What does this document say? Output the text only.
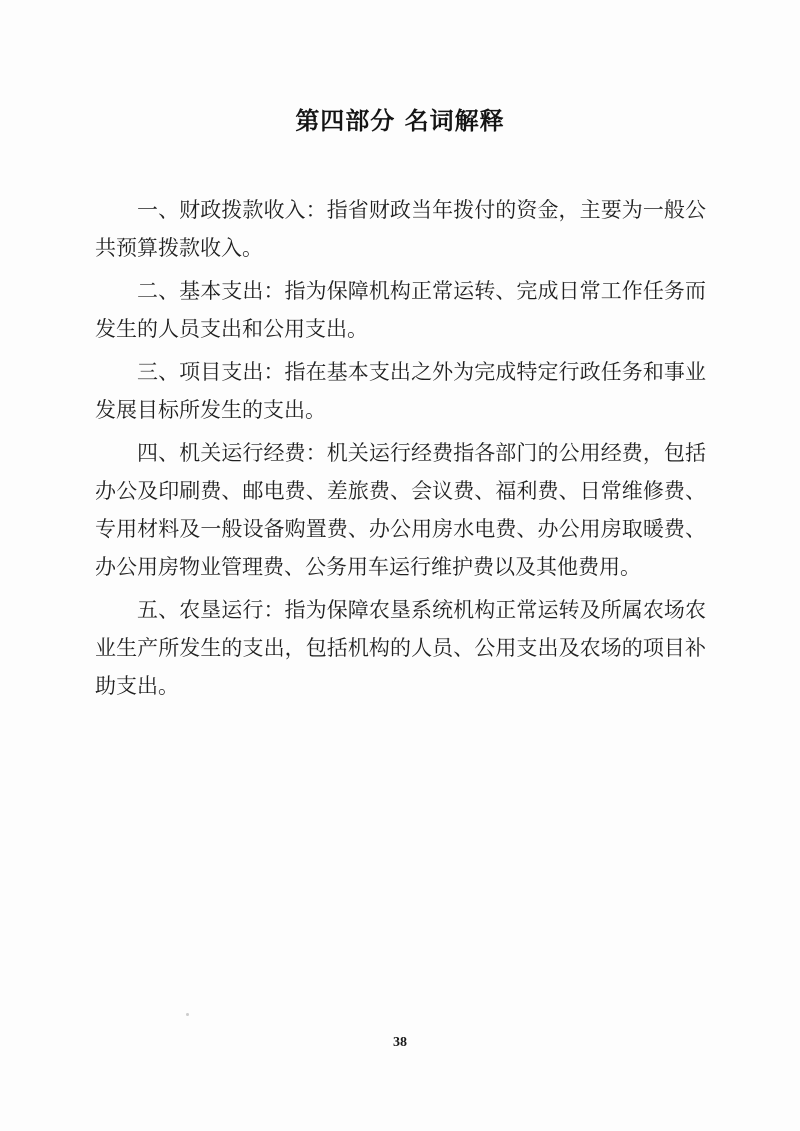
第四部分 名词解释

一、财政拨款收入：指省财政当年拨付的资金，主要为一般公共预算拨款收入。

二、基本支出：指为保障机构正常运转、完成日常工作任务而发生的人员支出和公用支出。

三、项目支出：指在基本支出之外为完成特定行政任务和事业发展目标所发生的支出。

四、机关运行经费：机关运行经费指各部门的公用经费，包括办公及印刷费、邮电费、差旅费、会议费、福利费、日常维修费、专用材料及一般设备购置费、办公用房水电费、办公用房取暖费、办公用房物业管理费、公务用车运行维护费以及其他费用。

五、农垦运行：指为保障农垦系统机构正常运转及所属农场农业生产所发生的支出，包括机构的人员、公用支出及农场的项目补助支出。

38
